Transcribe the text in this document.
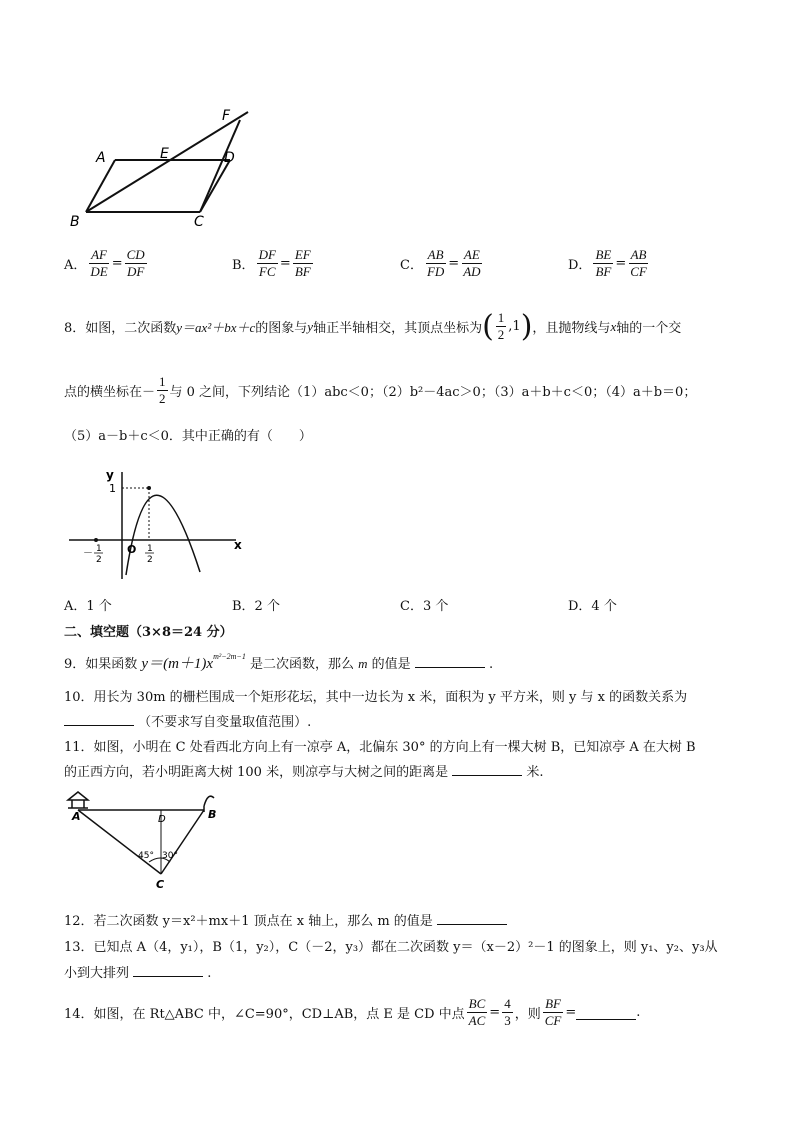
A	E	D
F
B	C
A． $\frac{AF}{DE} = \frac{CD}{DF}$	B． $\frac{DF}{FC} = \frac{EF}{BF}$	C． $\frac{AB}{FD} = \frac{AE}{AD}$	D． $\frac{BE}{BF} = \frac{AB}{CF}$
8．如图，二次函数 y＝ax²＋bx＋c 的图象与 y 轴正半轴相交，其顶点坐标为 ( $\frac{1}{2} ,1$ ) ，且抛物线与 x 轴的一个交
点的横坐标在－ $\frac{1}{2}$ 与 0 之间，下列结论（1）abc＜0；（2）b²－4ac＞0；（3）a＋b＋c＜0；（4）a＋b＝0；
（5）a－b＋c＜0．其中正确的有（　　）
y
x
1
O
－ 1
2
1
2
A．1 个	B．2 个	C．3 个	D．4 个
二、填空题（3×8＝24 分）
9．如果函数 $y=(m+1)x^{m^2-2m-1}$ 是二次函数，那么 m 的值是	.
10．用长为 30m 的栅栏围成一个矩形花坛，其中一边长为 x 米，面积为 y 平方米，则 y 与 x 的函数关系为
（不要求写自变量取值范围）.
11．如图，小明在 C 处看西北方向上有一凉亭 A，北偏东 30° 的方向上有一棵大树 B，已知凉亭 A 在大树 B
的正西方向，若小明距离大树 100 米，则凉亭与大树之间的距离是	米.
A	B
D
C
45° 30°
12．若二次函数 y＝x²＋mx＋1 顶点在 x 轴上，那么 m 的值是
13．已知点 A（4，y₁），B（1，y₂），C（－2，y₃）都在二次函数 y＝（x－2）²－1 的图象上，则 y₁、y₂、y₃从
小到大排列	.
14．如图，在 Rt△ABC 中，∠C=90°，CD⊥AB，点 E 是 CD 中点 $\frac{BC}{AC} = \frac{4}{3}$ ，则 $\frac{BF}{CF}$ =	.
